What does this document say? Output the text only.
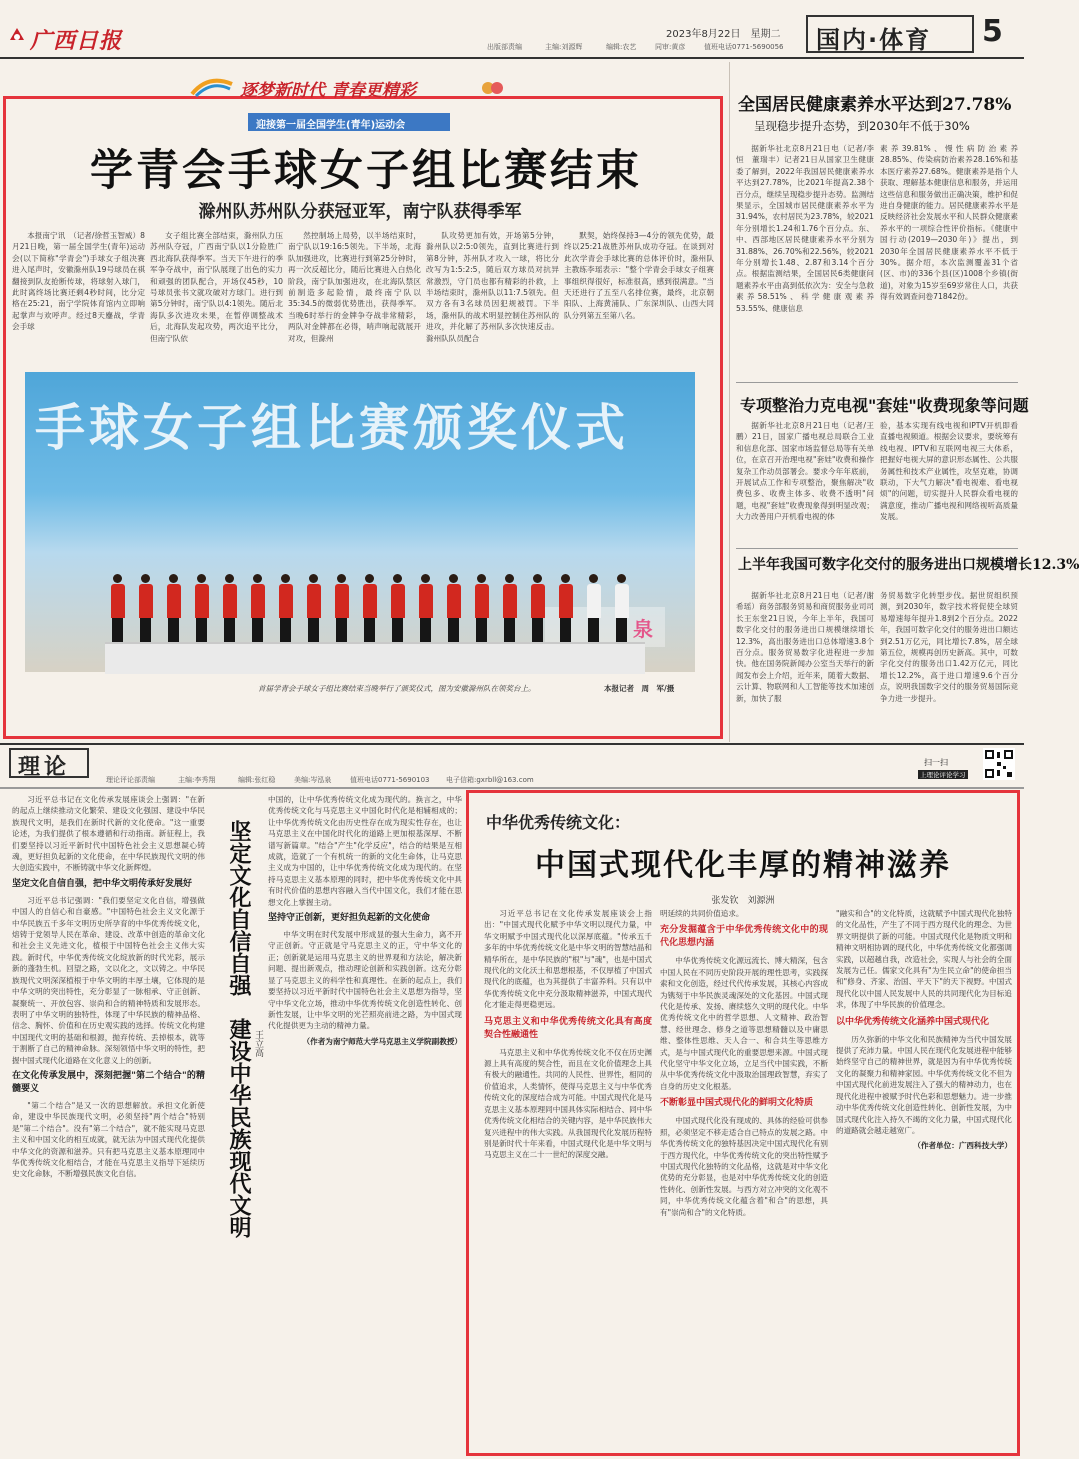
广西日报	2023年8月22日　星期二
出版部责编	主编:刘源辉	编辑:农艺	同审:黄彦	值班电话0771-5690056 国内·体育 5
逐梦新时代 青春更精彩
迎接第一届全国学生(青年)运动会
学青会手球女子组比赛结束
滁州队苏州队分获冠亚军，南宁队获得季军
本报南宁讯　（记者/徐哲玉智威）8月21日晚，第一届全国学生(青年)运动会(以下简称"学青会")手球女子组决赛进入尾声时，安徽滁州队19号球员在祺翻接到队友抢断传球，将球射入球门，此时离终场比赛还剩4秒时间，比分定格在25:21，南宁学院体育馆内立即响起掌声与欢呼声。经过8天鏖战，学青会手球
女子组比赛全部结束，滁州队力压苏州队夺冠，广西南宁队以1分险胜广西北海队获得季军。当天下午进行的季军争夺战中，南宁队展现了出色的实力和顽强的团队配合，开场仅45秒，10号球员张书文就攻破对方球门。进行到第5分钟时，南宁队以4:1领先。随后北海队多次进攻未果，在暂停调整战术后，北海队发起攻势，两次追平比分，但南宁队依
然控制场上局势，以半场结束时，南宁队以19:16:5领先。下半场，北海队加强进攻，比赛进行到第25分钟时，再一次反超比分，随后比赛进入白热化阶段，南宁队加强进攻，在北海队禁区前制造多起险情，最终南宁队以35:34.5的微弱优势胜出，获得季军。当晚6时举行的金牌争夺战非常精彩，两队对金牌都在必得，哨声响起就展开对攻，但滁州
队攻势更加有效，开场第5分钟，滁州队以2:5:0领先，直到比赛进行到第8分钟，苏州队才攻入一球，将比分改写为1:5:2:5，随后双方球员对抗异常激烈，守门员也都有精彩的扑救，上半场结束时，滁州队以11:7.5领先。但双方各有3名球员因犯规被罚。下半场，滁州队的战术明显控制住苏州队的进攻，并化解了苏州队多次快速反击。滁州队队员配合
默契，始终保持3—4分的领先优势，最终以25:21战胜苏州队成功夺冠。在谈到对此次学青会手球比赛的总体评价时，滁州队主教练李瑶表示："整个学青会手球女子组赛事组织得很好，标准很高，感到很满意。"当天还进行了五至八名排位赛，最终，北京朝阳队、上海黄浦队、广东深圳队、山西大同队分列第五至第八名。
手球女子组比赛颁奖仪式
泉
首届学青会手球女子组比赛结束当晚举行了颁奖仪式，图为安徽滁州队在领奖台上。	本报记者　周　军/摄
全国居民健康素养水平达到27.78%
呈现稳步提升态势，到2030年不低于30%
据新华社北京8月21日电（记者/李恒　董瑞丰）记者21日从国家卫生健康委了解到，2022年我国居民健康素养水平达到27.78%，比2021年提高2.38个百分点，继续呈现稳步提升态势。监测结果显示，全国城市居民健康素养水平为31.94%，农村居民为23.78%，较2021年分别增长1.24和1.76个百分点。东、中、西部地区居民健康素养水平分别为31.88%、26.70%和22.56%，较2021年分别增长1.48、2.87和3.14个百分点。根据监测结果，全国居民6类健康问题素养水平由高到低依次为：安全与急救素养58.51%、科学健康观素养53.55%、健康信息
素养39.81%、慢性病防治素养28.85%、传染病防治素养28.16%和基本医疗素养27.68%。健康素养是指个人获取、理解基本健康信息和服务，并运用这些信息和服务做出正确决策，维护和促进自身健康的能力。居民健康素养水平是反映经济社会发展水平和人民群众健康素养水平的一项综合性评价指标。《健康中国行动(2019—2030年)》提出，到2030年全国居民健康素养水平不低于30%。据介绍，本次监测覆盖31个省(区、市)的336个县(区)1008个乡镇(街道)，对象为15岁至69岁常住人口，共获得有效调查问卷71842份。
专项整治力克电视"套娃"收费现象等问题
据新华社北京8月21日电（记者/王鹏）21日，国家广播电视总局联合工业和信息化部、国家市场监督总局等有关单位，在京召开治理电视"套娃"收费和操作复杂工作动员部署会。要求今年年底前，开展试点工作和专项整治，聚焦解决"收费包多、收费主体多、收费不透明"问题，电视"套娃"收费现象得到明显改观；大力改善用户开机看电视的体
验，基本实现有线电视和IPTV开机即看直播电视频道。根据会议要求，要统筹有线电视、IPTV和互联网电视三大体系，把握好电视大屏的意识形态属性、公共服务属性和技术产业属性，攻坚克难，协调联动，下大气力解决"看电视难、看电视烦"的问题，切实提升人民群众看电视的满意度，推动广播电视和网络视听高质量发展。
上半年我国可数字化交付的服务进出口规模增长12.3%
据新华社北京8月21日电（记者/谢希瑶）商务部服务贸易和商贸服务业司司长王东堂21日说，今年上半年，我国可数字化交付的服务进出口规模继续增长12.3%，高出服务进出口总体增速3.8个百分点。服务贸易数字化进程进一步加快。他在国务院新闻办公室当天举行的新闻发布会上介绍，近年来，随着大数据、云计算、物联网和人工智能等技术加速创新，加快了服
务贸易数字化转型步伐。据世贸组织预测，到2030年，数字技术将促使全球贸易增速每年提升1.8到2个百分点。2022年，我国可数字化交付的服务进出口额达到2.51万亿元，同比增长7.8%，居全球第五位，规模再创历史新高。其中，可数字化交付的服务出口1.42万亿元，同比增长12.2%，高于进口增速9.6个百分点，说明我国数字交付的服务贸易国际竞争力进一步提升。
理论	理论评论部责编	主编:李秀翔	编辑:张红稳	美编:岑泓泉	值班电话0771-5690103 电子信箱:gxrbll@163.com
扫一扫
上理论评论学习

习近平总书记在文化传承发展座谈会上强调："在新的起点上继续推动文化繁荣、建设文化强国、建设中华民族现代文明，是我们在新时代新的文化使命。"这一重要论述，为我们提供了根本遵循和行动指南。新征程上，我们要坚持以习近平新时代中国特色社会主义思想凝心铸魂，更好担负起新的文化使命，在中华民族现代文明的伟大创造实践中，不断铸就中华文化新辉煌。

坚定文化自信自强，把中华文明传承好发展好

习近平总书记强调："我们要坚定文化自信，增强做中国人的自信心和自豪感。"中国特色社会主义文化源于中华民族五千多年文明历史所孕育的中华优秀传统文化，熔铸于党领导人民在革命、建设、改革中创造的革命文化和社会主义先进文化，植根于中国特色社会主义伟大实践。新时代，中华优秀传统文化绽放新的时代光彩，展示新的蓬勃生机。回望之路，文以化之，文以铸之。中华民族现代文明深深植根于中华文明的丰厚土壤，它体现的是中华文明的突出特性，充分彰显了一脉相承、守正创新、凝聚统一、开放包容、崇尚和合的精神特质和发展形态。表明了中华文明的独特性，体现了中华民族的精神品格、信念、胸怀、价值和在历史观实践的选择。传统文化构建中国现代文明的基础和根源，抛弃传统、丢掉根本，就等于割断了自己的精神命脉。深刻领悟中华文明的特性，把握中国式现代化道路在文化意义上的创新。

在文化传承发展中，深刻把握"第二个结合"的精髓要义

"第二个结合"是又一次的思想解放。承担文化新使命，建设中华民族现代文明，必须坚持"两个结合"特别是"第二个结合"。没有"第二个结合"，就不能实现马克思主义和中国文化的相互成就，就无法为中国式现代化提供中华文化的资源和滋养。只有把马克思主义基本原理同中华优秀传统文化相结合，才能在马克思主义指导下延续历史文化命脉，不断增强民族文化自信。	坚定文化自信自强　建设中华民族现代文明 王立高

中国的，让中华优秀传统文化成为现代的。换言之，中华优秀传统文化与马克思主义中国化时代化是相辅相成的；让中华优秀传统文化由历史性存在成为现实性存在，也让马克思主义在中国化时代化的道路上更加根基深厚、不断谱写新篇章。"结合"产生"化学反应"，结合的结果是互相成就，造就了一个有机统一的新的文化生命体，让马克思主义成为中国的，让中华优秀传统文化成为现代的。在坚持马克思主义基本原理的同时，把中华优秀传统文化中具有时代价值的思想内容融入当代中国文化，我们才能在思想文化上掌握主动。

坚持守正创新，更好担负起新的文化使命

中华文明在时代发展中形成显的强大生命力，离不开守正创新。守正就是守马克思主义的正，守中华文化的正；创新就是运用马克思主义的世界观和方法论，解决新问题、提出新观点，推动理论创新和实践创新。这充分彰显了马克思主义的科学性和真理性。在新的起点上，我们要坚持以习近平新时代中国特色社会主义思想为指导，坚守中华文化立场，推动中华优秀传统文化创造性转化、创新性发展，让中华文明的光芒照亮前进之路，为中国式现代化提供更为主动的精神力量。

（作者为南宁师范大学马克思主义学院副教授）
中华优秀传统文化：
中国式现代化丰厚的精神滋养
张发钦　刘源洲

习近平总书记在文化传承发展座谈会上指出："中国式现代化赋予中华文明以现代力量，中华文明赋予中国式现代化以深厚底蕴。"传承五千多年的中华优秀传统文化是中华文明的智慧结晶和精华所在，是中华民族的"根"与"魂"，也是中国式现代化的文化沃土和思想根基，不仅厚植了中国式现代化的底蕴，也为其提供了丰富养料。只有以中华优秀传统文化中充分汲取精神滋养，中国式现代化才能走得更稳更远。

马克思主义和中华优秀传统文化具有高度契合性融通性

马克思主义和中华优秀传统文化不仅在历史渊源上具有高度的契合性，而且在文化价值理念上具有极大的融通性。共同的人民性、世界性，相同的价值追求，人类情怀，使得马克思主义与中华优秀传统文化的深度结合成为可能。中国式现代化是马克思主义基本原理同中国具体实际相结合、同中华优秀传统文化相结合的关键内容，是中华民族伟大复兴进程中的伟大实践。从我国现代化发展历程特别是新时代十年来看，中国式现代化是中华文明与马克思主义在二十一世纪的深度交融。

明延续的共同价值追求。

充分发掘蕴含于中华优秀传统文化中的现代化思想内涵

中华优秀传统文化源远流长、博大精深，包含中国人民在不同历史阶段开展的理性思考，实践探索和文化创造，经过代代传承发展，其核心内容成为镌刻于中华民族灵魂深处的文化基因。中国式现代化是传承、发扬、赓续悠久文明的现代化。中华优秀传统文化中的哲学思想、人文精神、政治智慧、经世理念、修身之道等思想精髓以及中庸思维、整体性思维、天人合一、和合共生等思维方式，是与中国式现代化的重要思想来源。中国式现代化坚守中华文化立场，立足当代中国实践，不断从中华优秀传统文化中汲取治国理政智慧，弃实了自身的历史文化根基。

不断彰显中国式现代化的鲜明文化特质

中国式现代化没有现成的、具体的经验可供参照，必须坚定不移走适合自己特点的发展之路。中华优秀传统文化的独特基因决定中国式现代化有别于西方现代化，中华优秀传统文化的突出特性赋予中国式现代化独特的文化品格，这就是对中华文化优势的充分彰显，也是对中华优秀传统文化的创造性转化、创新性发展。与西方对立冲突的文化观不同，中华优秀传统文化蕴含着"和合"的思想，具有"崇尚和合"的文化特质。

"融实和合"的文化特质，这就赋予中国式现代化独特的文化品性，产生了不同于西方现代化的理念、为世界文明提供了新的可能。中国式现代化是物质文明和精神文明相协调的现代化，中华优秀传统文化都强调实践，以超越自我，改造社会，实现人与社会的全面发展为己任。儒家文化具有"为生民立命"的使命担当和"修身、齐家、治国、平天下"的天下视野。中国式现代化以中国人民发展中人民的共同现代化为目标追求，体现了中华民族的价值理念。

以中华优秀传统文化涵养中国式现代化

历久弥新的中华文化和民族精神为当代中国发展提供了充沛力量。中国人民在现代化发展进程中能够始终坚守自己的精神世界，就是因为有中华优秀传统文化的凝聚力和精神家园。中华优秀传统文化不但为中国式现代化前进发展注入了强大的精神动力，也在现代化进程中被赋予时代色彩和思想魅力。进一步推动中华优秀传统文化创造性转化、创新性发展，为中国式现代化注入持久不竭的文化力量，中国式现代化的道路就会越走越宽广。

（作者单位：广西科技大学）
